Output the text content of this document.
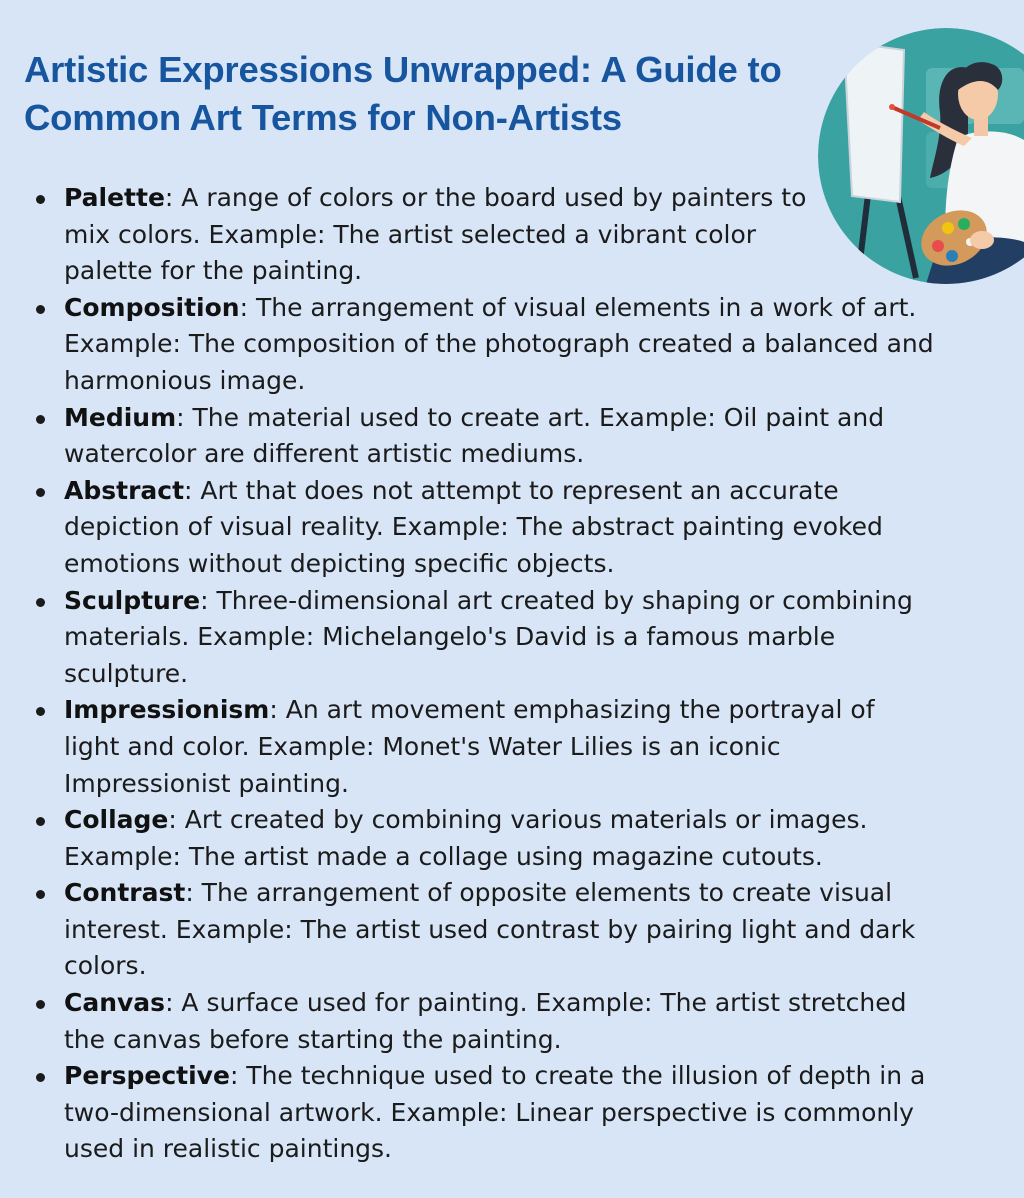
Artistic Expressions Unwrapped: A Guide to Common Art Terms for Non-Artists
Palette: A range of colors or the board used by painters to mix colors. Example: The artist selected a vibrant color palette for the painting.
Composition: The arrangement of visual elements in a work of art. Example: The composition of the photograph created a balanced and harmonious image.
Medium: The material used to create art. Example: Oil paint and watercolor are different artistic mediums.
Abstract: Art that does not attempt to represent an accurate depiction of visual reality. Example: The abstract painting evoked emotions without depicting specific objects.
Sculpture: Three-dimensional art created by shaping or combining materials. Example: Michelangelo's David is a famous marble sculpture.
Impressionism: An art movement emphasizing the portrayal of light and color. Example: Monet's Water Lilies is an iconic Impressionist painting.
Collage: Art created by combining various materials or images. Example: The artist made a collage using magazine cutouts.
Contrast: The arrangement of opposite elements to create visual interest. Example: The artist used contrast by pairing light and dark colors.
Canvas: A surface used for painting. Example: The artist stretched the canvas before starting the painting.
Perspective: The technique used to create the illusion of depth in a two-dimensional artwork. Example: Linear perspective is commonly used in realistic paintings.
